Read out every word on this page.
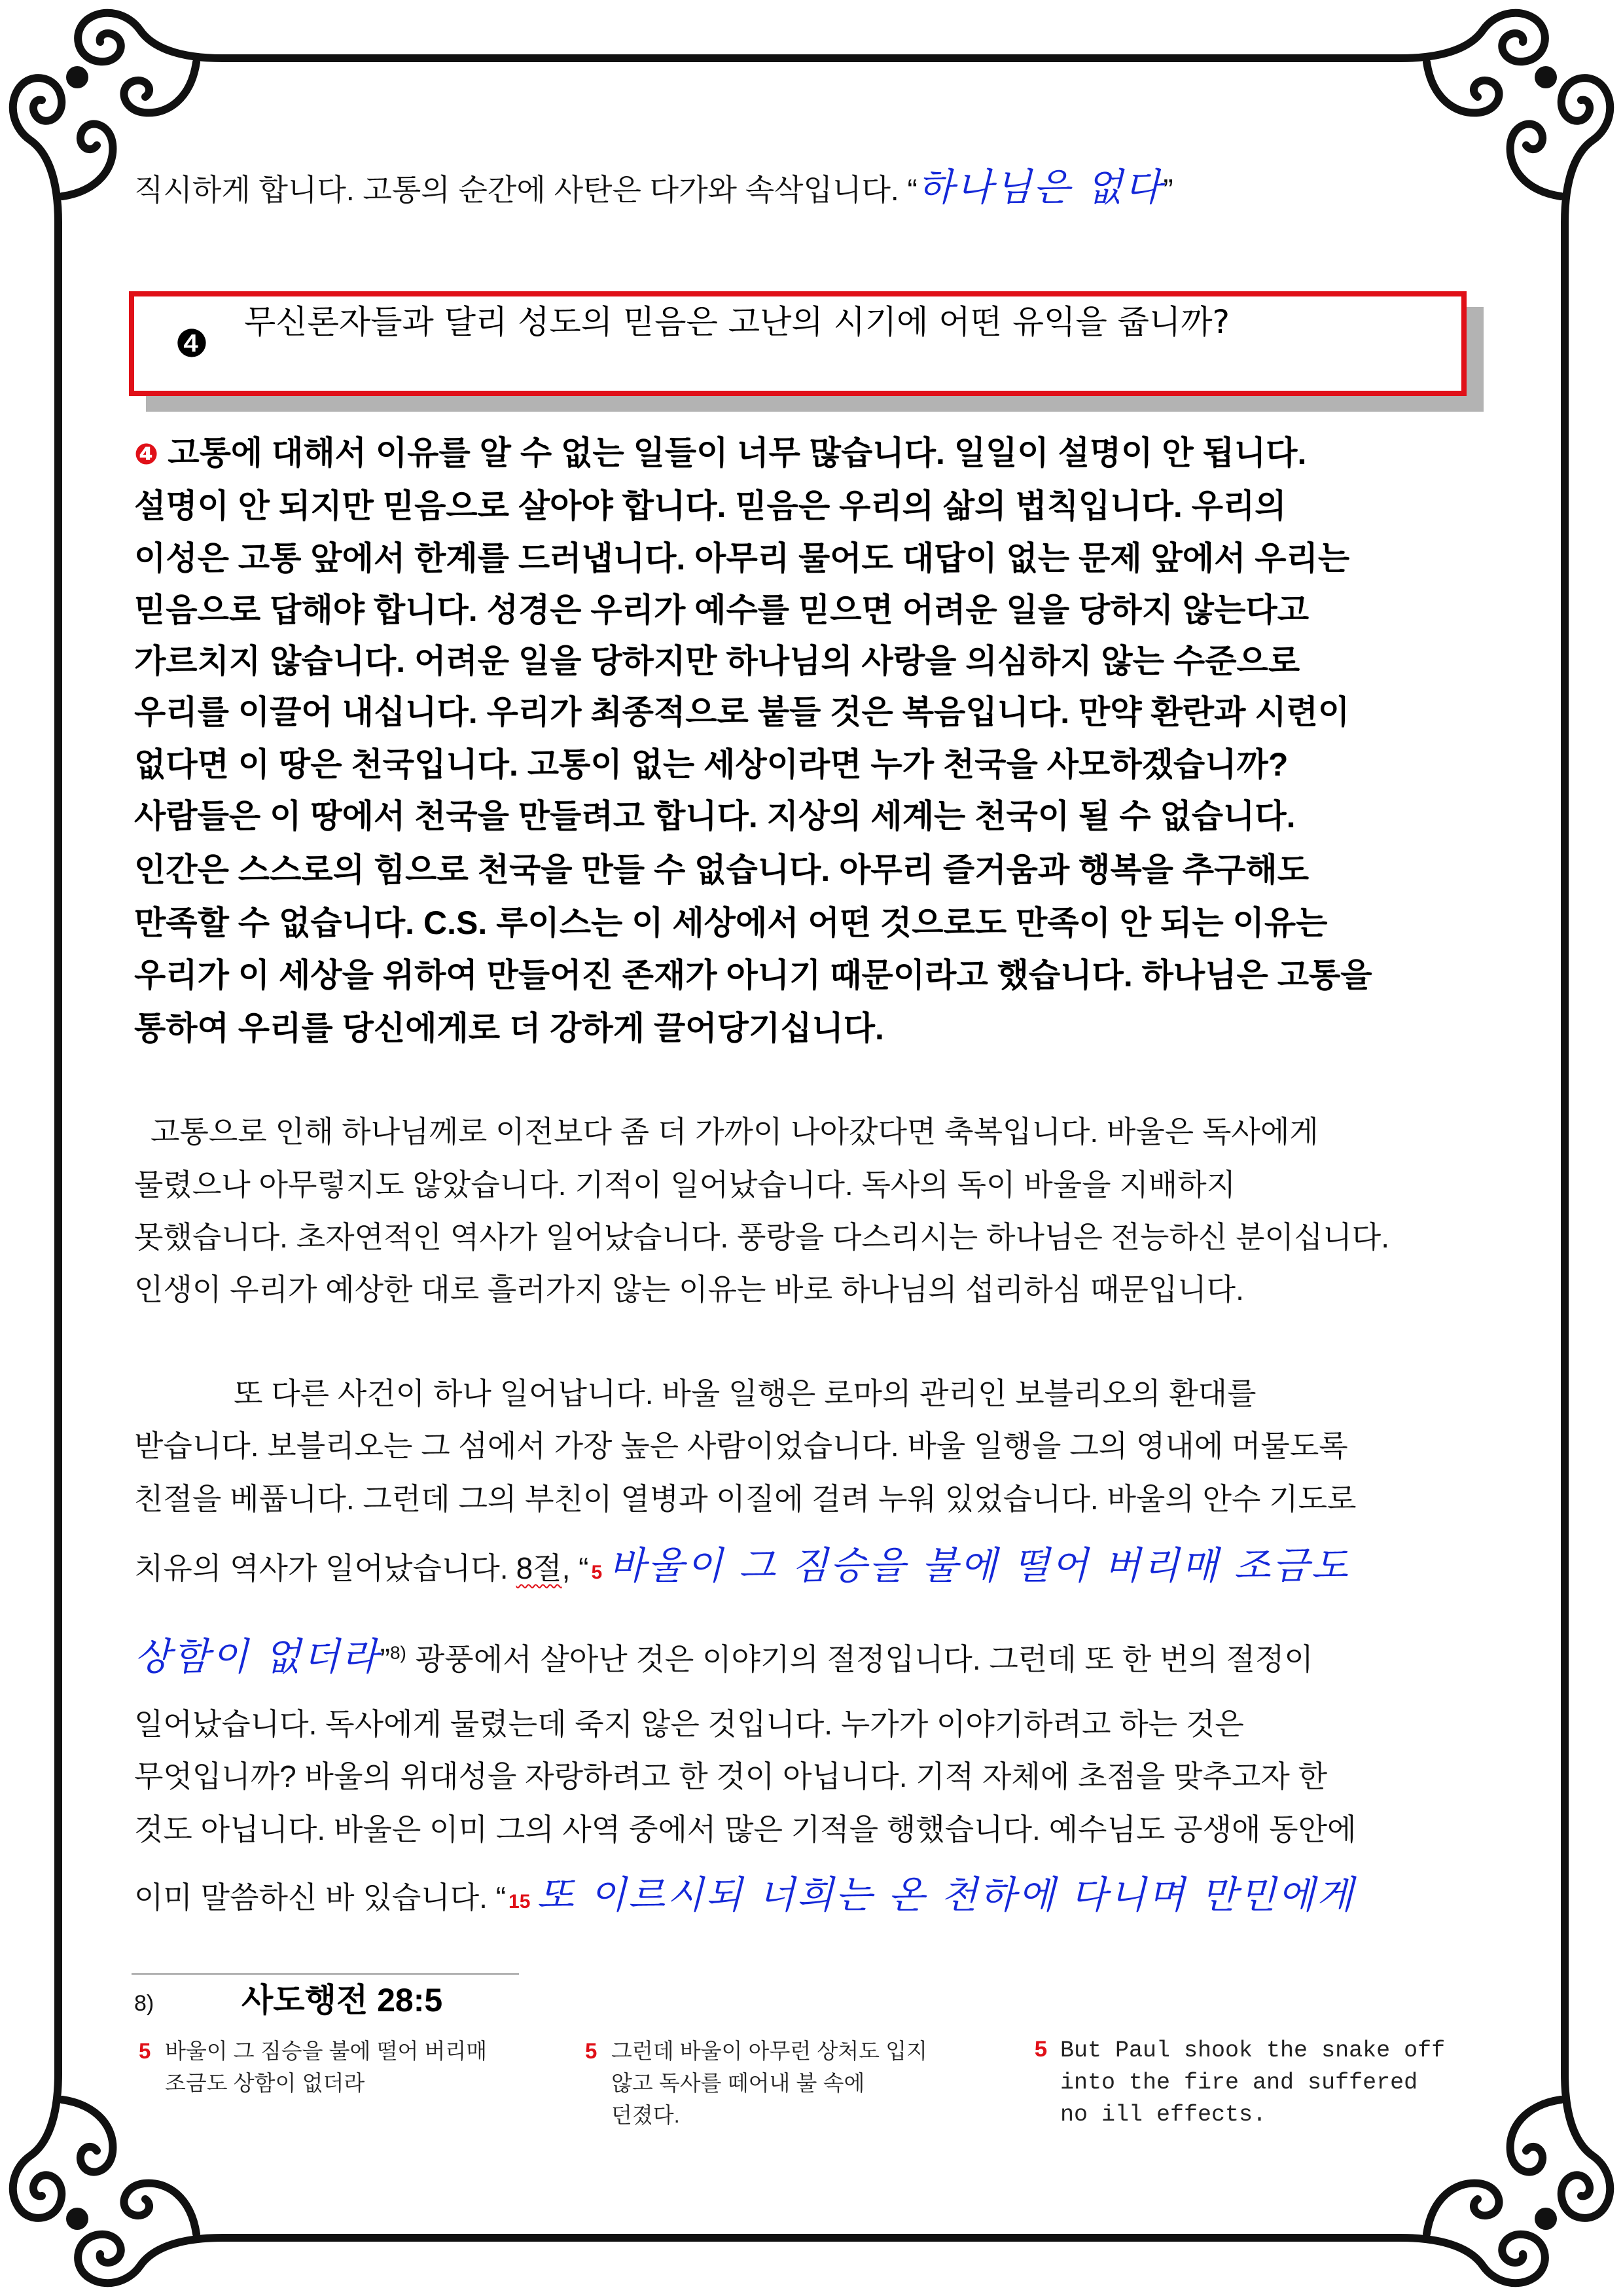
직시하게 합니다. 고통의 순간에 사탄은 다가와 속삭입니다. “하나님은 없다”
❹ 무신론자들과 달리 성도의 믿음은 고난의 시기에 어떤 유익을 줍니까?
❹ 고통에 대해서 이유를 알 수 없는 일들이 너무 많습니다. 일일이 설명이 안 됩니다.
설명이 안 되지만 믿음으로 살아야 합니다. 믿음은 우리의 삶의 법칙입니다. 우리의
이성은 고통 앞에서 한계를 드러냅니다. 아무리 물어도 대답이 없는 문제 앞에서 우리는
믿음으로 답해야 합니다. 성경은 우리가 예수를 믿으면 어려운 일을 당하지 않는다고
가르치지 않습니다. 어려운 일을 당하지만 하나님의 사랑을 의심하지 않는 수준으로
우리를 이끌어 내십니다. 우리가 최종적으로 붙들 것은 복음입니다. 만약 환란과 시련이
없다면 이 땅은 천국입니다. 고통이 없는 세상이라면 누가 천국을 사모하겠습니까?
사람들은 이 땅에서 천국을 만들려고 합니다. 지상의 세계는 천국이 될 수 없습니다.
인간은 스스로의 힘으로 천국을 만들 수 없습니다. 아무리 즐거움과 행복을 추구해도
만족할 수 없습니다. C.S. 루이스는 이 세상에서 어떤 것으로도 만족이 안 되는 이유는
우리가 이 세상을 위하여 만들어진 존재가 아니기 때문이라고 했습니다. 하나님은 고통을
통하여 우리를 당신에게로 더 강하게 끌어당기십니다.
고통으로 인해 하나님께로 이전보다 좀 더 가까이 나아갔다면 축복입니다. 바울은 독사에게
물렸으나 아무렇지도 않았습니다. 기적이 일어났습니다. 독사의 독이 바울을 지배하지
못했습니다. 초자연적인 역사가 일어났습니다. 풍랑을 다스리시는 하나님은 전능하신 분이십니다.
인생이 우리가 예상한 대로 흘러가지 않는 이유는 바로 하나님의 섭리하심 때문입니다.
또 다른 사건이 하나 일어납니다. 바울 일행은 로마의 관리인 보블리오의 환대를
받습니다. 보블리오는 그 섬에서 가장 높은 사람이었습니다. 바울 일행을 그의 영내에 머물도록
친절을 베풉니다. 그런데 그의 부친이 열병과 이질에 걸려 누워 있었습니다. 바울의 안수 기도로
치유의 역사가 일어났습니다. 8절, “ 5 바울이 그 짐승을 불에 떨어 버리매 조금도
상함이 없더라”$^{8)}$ 광풍에서 살아난 것은 이야기의 절정입니다. 그런데 또 한 번의 절정이
일어났습니다. 독사에게 물렸는데 죽지 않은 것입니다. 누가가 이야기하려고 하는 것은
무엇입니까? 바울의 위대성을 자랑하려고 한 것이 아닙니다. 기적 자체에 초점을 맞추고자 한
것도 아닙니다. 바울은 이미 그의 사역 중에서 많은 기적을 행했습니다. 예수님도 공생애 동안에
이미 말씀하신 바 있습니다. “ 15 또 이르시되 너희는 온 천하에 다니며 만민에게
8)	사도행전 28:5
5 바울이 그 짐승을 불에 떨어 버리매
조금도 상함이 없더라
5 그런데 바울이 아무런 상처도 입지
않고 독사를 떼어내 불 속에
던졌다.
5 But Paul shook the snake off
into the fire and suffered
no ill effects.
